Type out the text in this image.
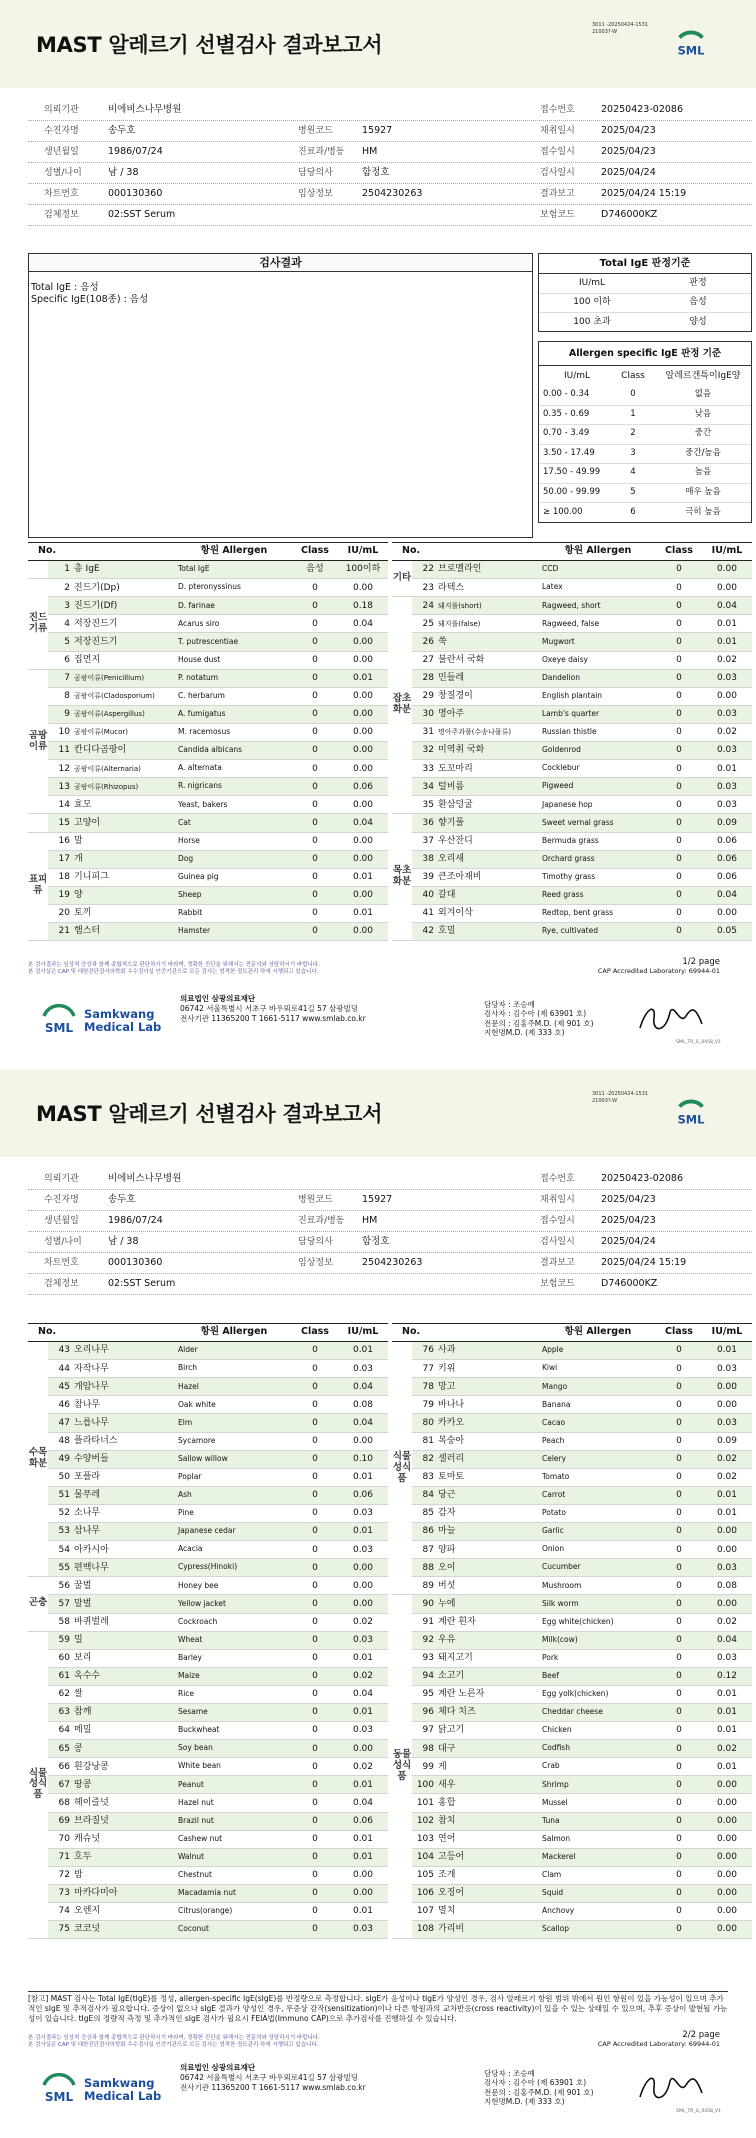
MAST 알레르기 선별검사 결과보고서
3011 -20250424-1531
21003?-W
SML
의뢰기관	비에비스나무병원	접수번호	20250423-02086
수진자명	송두호	병원코드	15927	채취일시	2025/04/23
생년월일	1986/07/24	진료과/병동 HM	접수일시	2025/04/23
성별/나이	남 / 38	담당의사	함정호	검사일시	2025/04/24
차트번호	000130360	임상정보	2504230263	결과보고	2025/04/24 15:19
검체정보	02:SST Serum	보험코드	D746000KZ
검사결과
Total IgE : 음성
Specific IgE(108종) : 음성
Total IgE 판정기준
IU/mL	판정
100 이하	음성
100 초과	양성
Allergen specific IgE 판정 기준
IU/mL	Class	알레르겐특이IgE양
0.00 - 0.34	0	없음
0.35 - 0.69	1	낮음
0.70 - 3.49	2	중간
3.50 - 17.49	3	중간/높음
17.50 - 49.99	4	높음
50.00 - 99.99	5	매우 높음
≥ 100.00	6	극히 높음
No.		항원 Allergen	Class	IU/mL
	1 총 IgE	Total IgE	음성	100이하
진드기류	2 진드기(Dp)	D. pteronyssinus	0	0.00
	3 진드기(Df)	D. farinae	0	0.18
	4 저장진드기	Acarus siro	0	0.04
	5 저장진드기	T. putrescentiae	0	0.00
	6 집먼지	House dust	0	0.00
곰팡이류	7 곰팡이류(Penicillium)	P. notatum	0	0.01
	8 곰팡이류(Cladosporium)	C. herbarum	0	0.00
	9 곰팡이류(Aspergillus)	A. fumigatus	0	0.00
	10 곰팡이류(Mucor)	M. racemosus	0	0.00
	11 칸디다곰팡이	Candida albicans	0	0.00
	12 곰팡이류(Alternaria)	A. alternata	0	0.00
	13 곰팡이류(Rhizopus)	R. nigricans	0	0.06
	14 효모	Yeast, bakers	0	0.00
	15 고양이	Cat	0	0.04
표피류	16 말	Horse	0	0.00
	17 개	Dog	0	0.00
	18 기니피그	Guinea pig	0	0.01
	19 양	Sheep	0	0.00
	20 토끼	Rabbit	0	0.01
	21 햄스터	Hamster	0	0.00
No.		항원 Allergen	Class	IU/mL
기타	22 브로멜라인	CCD	0	0.00
	23 라텍스	Latex	0	0.00
잡초화분	24 돼지풀(short)	Ragweed, short	0	0.04
	25 돼지풀(false)	Ragweed, false	0	0.01
	26 쑥	Mugwort	0	0.01
	27 불란서 국화	Oxeye daisy	0	0.02
	28 민들레	Dandelion	0	0.03
	29 창질경이	English plantain	0	0.00
	30 명아주	Lamb's quarter	0	0.03
	31 명아주과풀(수송나물류)	Russian thistle	0	0.02
	32 미역취 국화	Goldenrod	0	0.03
	33 도꼬마리	Cocklebur	0	0.01
	34 털비름	Pigweed	0	0.03
	35 환삼덩굴	Japanese hop	0	0.03
목초화분	36 향기풀	Sweet vernal grass	0	0.09
	37 우산잔디	Bermuda grass	0	0.06
	38 오리새	Orchard grass	0	0.06
	39 큰조아재비	Timothy grass	0	0.06
	40 갈대	Reed grass	0	0.04
	41 외겨이삭	Redtop, bent grass	0	0.00
	42 호밀	Rye, cultivated	0	0.05
본 검사결과는 임상적 증상과 함께 종합적으로 판단하시기 바라며, 정확한 진단을 위해서는 전문의와 상담하시기 바랍니다.
본 검사실은 CAP 및 대한진단검사의학회 우수검사실 인증기관으로 모든 검사는 엄격한 정도관리 하에 시행되고 있습니다.
1/2 page
CAP Accredited Laboratory: 69944-01
SML
Samkwang
Medical Lab
의료법인 삼광의료재단
06742 서울특별시 서초구 바우뫼로41길 57 삼광빌딩
전사기관 11365200 T 1661-5117 www.smlab.co.kr
담당자 : 조승예
검사자 : 김수아 (제 63901 호)
전문의 : 김홍주M.D. (제 901 호)
지현명M.D. (제 333 호)
SML_TR_G_0458_V1
MAST 알레르기 선별검사 결과보고서
3011 -20250424-1531
21003?-W
SML
의뢰기관	비에비스나무병원	접수번호	20250423-02086
수진자명	송두호	병원코드	15927	채취일시	2025/04/23
생년월일	1986/07/24	진료과/병동 HM	접수일시	2025/04/23
성별/나이	남 / 38	담당의사	함정호	검사일시	2025/04/24
차트번호	000130360	임상정보	2504230263	결과보고	2025/04/24 15:19
검체정보	02:SST Serum	보험코드	D746000KZ
No.		항원 Allergen	Class	IU/mL
수목화분	43 오리나무	Alder	0	0.01
	44 자작나무	Birch	0	0.03
	45 개암나무	Hazel	0	0.04
	46 참나무	Oak white	0	0.08
	47 느릅나무	Elm	0	0.04
	48 플라타너스	Sycamore	0	0.00
	49 수양버들	Sallow willow	0	0.10
	50 포플라	Poplar	0	0.01
	51 물푸레	Ash	0	0.06
	52 소나무	Pine	0	0.03
	53 삼나무	Japanese cedar	0	0.01
	54 아카시아	Acacia	0	0.03
	55 편백나무	Cypress(Hinoki)	0	0.00
곤충	56 꿀벌	Honey bee	0	0.00
	57 말벌	Yellow jacket	0	0.00
	58 바퀴벌레	Cockroach	0	0.02
식물성식품	59 밀	Wheat	0	0.03
	60 보리	Barley	0	0.01
	61 옥수수	Maize	0	0.02
	62 쌀	Rice	0	0.04
	63 참깨	Sesame	0	0.01
	64 메밀	Buckwheat	0	0.03
	65 콩	Soy bean	0	0.00
	66 흰강낭콩	White bean	0	0.02
	67 땅콩	Peanut	0	0.01
	68 헤이즐넛	Hazel nut	0	0.04
	69 브라질넛	Brazil nut	0	0.06
	70 캐슈넛	Cashew nut	0	0.01
	71 호두	Walnut	0	0.01
	72 밤	Chestnut	0	0.00
	73 마카다미아	Macadamia nut	0	0.00
	74 오렌지	Citrus(orange)	0	0.01
	75 코코넛	Coconut	0	0.03
No.		항원 Allergen	Class	IU/mL
식물성식품	76 사과	Apple	0	0.01
	77 키위	Kiwi	0	0.03
	78 망고	Mango	0	0.00
	79 바나나	Banana	0	0.00
	80 카카오	Cacao	0	0.03
	81 복숭아	Peach	0	0.09
	82 셀러리	Celery	0	0.02
	83 토마토	Tomato	0	0.02
	84 당근	Carrot	0	0.01
	85 감자	Potato	0	0.01
	86 마늘	Garlic	0	0.00
	87 양파	Onion	0	0.00
	88 오이	Cucumber	0	0.03
	89 버섯	Mushroom	0	0.08
동물성식품	90 누에	Silk worm	0	0.00
	91 계란 흰자	Egg white(chicken)	0	0.02
	92 우유	Milk(cow)	0	0.04
	93 돼지고기	Pork	0	0.03
	94 소고기	Beef	0	0.12
	95 계란 노른자	Egg yolk(chicken)	0	0.01
	96 체다 치즈	Cheddar cheese	0	0.01
	97 닭고기	Chicken	0	0.01
	98 대구	Codfish	0	0.02
	99 게	Crab	0	0.01
	100 새우	Shrimp	0	0.00
	101 홍합	Mussel	0	0.00
	102 참치	Tuna	0	0.00
	103 연어	Salmon	0	0.00
	104 고등어	Mackerel	0	0.00
	105 조개	Clam	0	0.00
	106 오징어	Squid	0	0.00
	107 멸치	Anchovy	0	0.00
	108 가리비	Scallop	0	0.00
[참고] MAST 검사는 Total IgE(tIgE)를 정성, allergen-specific IgE(sIgE)를 반정량으로 측정합니다. sIgE가 음성이나 tIgE가 양성인 경우, 검사 알레르기 항원 범위 밖에서 원인 항원이 있을 가능성이 있으며 추가적인 sIgE 및 추적검사가 필요합니다. 증상이 없으나 sIgE 결과가 양성인 경우, 무증상 감작(sensitization)이나 다른 항원과의 교차반응(cross reactivity)이 있을 수 있는 상태일 수 있으며, 추후 증상이 발현될 가능성이 있습니다. tIgE의 정량적 측정 및 추가적인 sIgE 검사가 필요시 FEIA법(Immuno CAP)으로 추가검사를 진행하실 수 있습니다.
2/2 page
CAP Accredited Laboratory: 69944-01
본 검사결과는 임상적 증상과 함께 종합적으로 판단하시기 바라며, 정확한 진단을 위해서는 전문의와 상담하시기 바랍니다.
본 검사실은 CAP 및 대한진단검사의학회 우수검사실 인증기관으로 모든 검사는 엄격한 정도관리 하에 시행되고 있습니다.
SML
Samkwang
Medical Lab
의료법인 삼광의료재단
06742 서울특별시 서초구 바우뫼로41길 57 삼광빌딩
전사기관 11365200 T 1661-5117 www.smlab.co.kr
담당자 : 조승예
검사자 : 김수아 (제 63901 호)
전문의 : 김홍주M.D. (제 901 호)
지현명M.D. (제 333 호)
SML_TR_G_0458_V1
